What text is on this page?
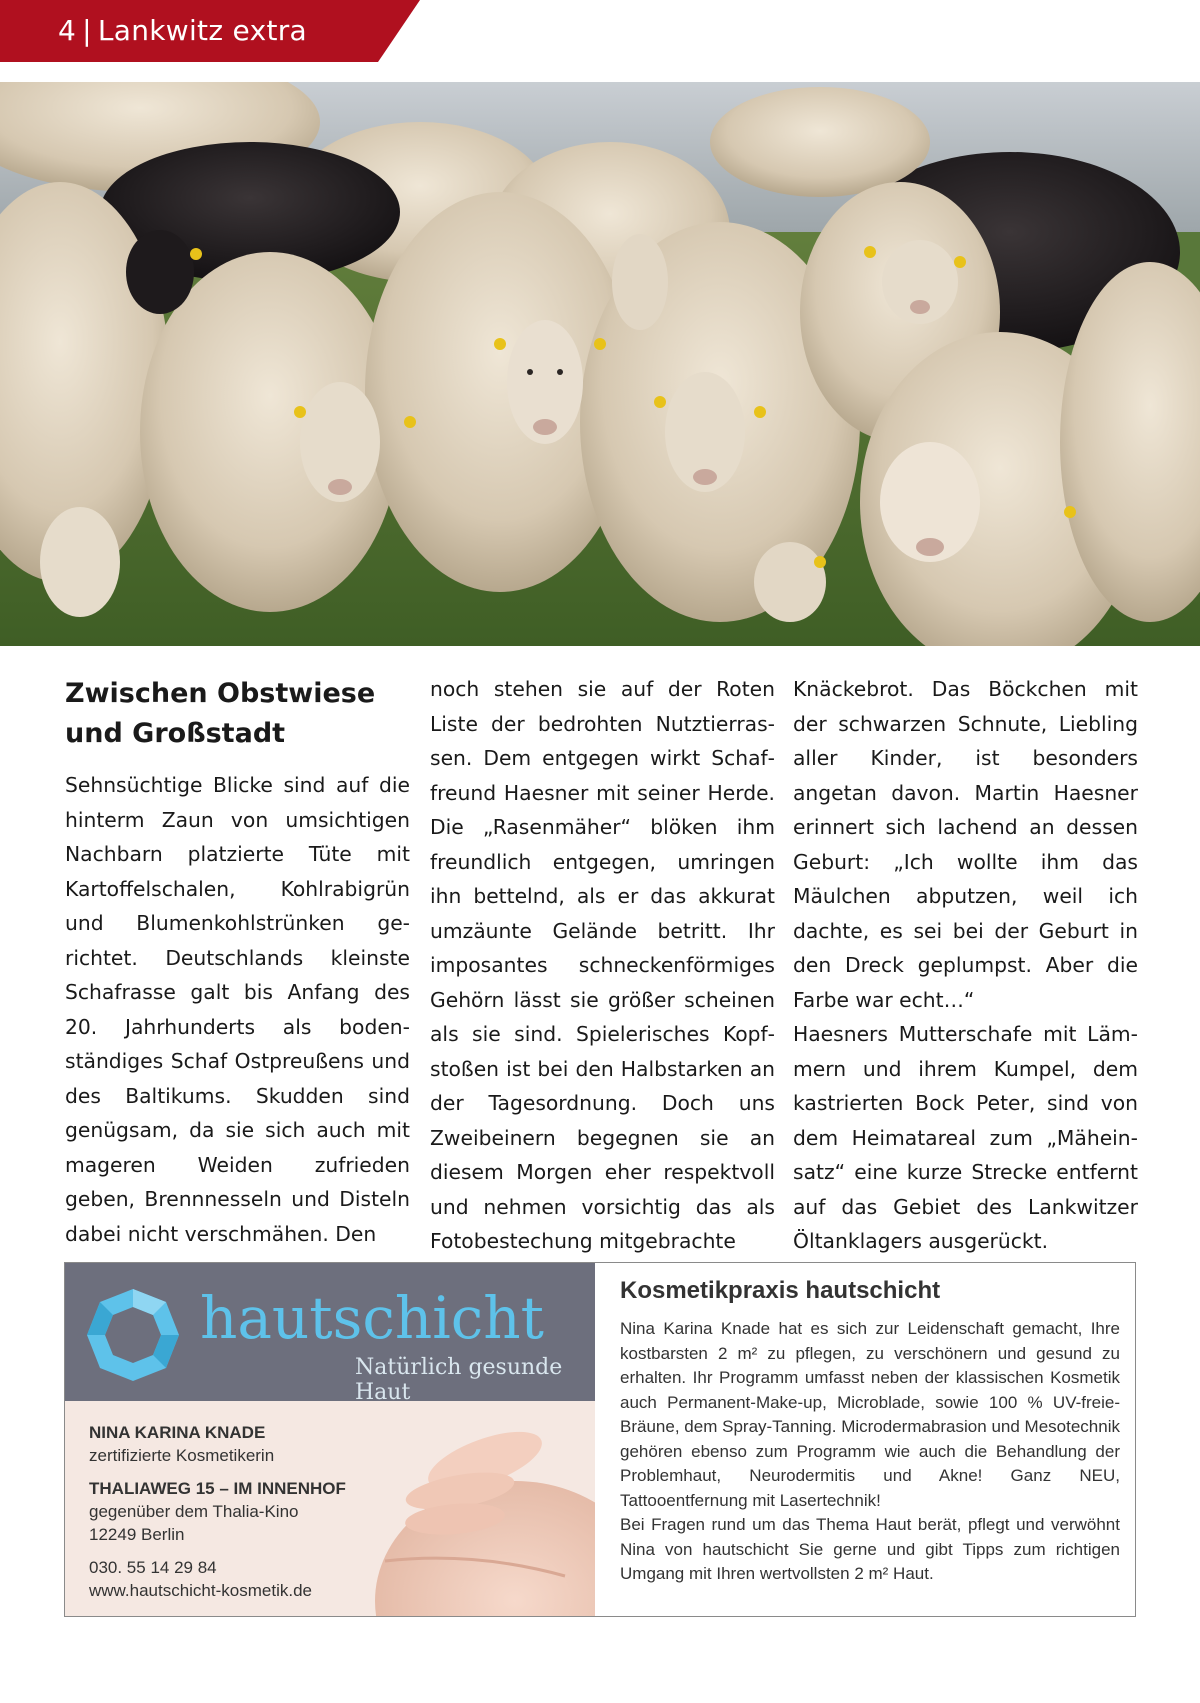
4 | Lankwitz extra
Zwischen Obstwiese
und Großstadt

Sehnsüchtige Blicke sind auf die hinterm Zaun von umsichtigen Nachbarn platzierte Tüte mit Kartoffelschalen, Kohlrabigrün und Blumenkohlstrünken gerichtet. Deutschlands kleinste Schafrasse galt bis Anfang des 20. Jahrhunderts als bodenständiges Schaf Ostpreußens und des Baltikums. Skudden sind genügsam, da sie sich auch mit mageren Weiden zufrieden geben, Brennnesseln und Disteln dabei nicht verschmähen. Den

noch stehen sie auf der Roten Liste der bedrohten Nutztierrassen. Dem entgegen wirkt Schaffreund Haesner mit seiner Herde. Die „Rasenmäher“ blöken ihm freundlich entgegen, umringen ihn bettelnd, als er das akkurat umzäunte Gelände betritt. Ihr imposantes schneckenförmiges Gehörn lässt sie größer scheinen als sie sind. Spielerisches Kopfstoßen ist bei den Halbstarken an der Tagesordnung. Doch uns Zweibeinern begegnen sie an diesem Morgen eher respektvoll und nehmen vorsichtig das als Fotobestechung mitgebrachte

Knäckebrot. Das Böckchen mit der schwarzen Schnute, Liebling aller Kinder, ist besonders angetan davon. Martin Haesner erinnert sich lachend an dessen Geburt: „Ich wollte ihm das Mäulchen abputzen, weil ich dachte, es sei bei der Geburt in den Dreck geplumpst. Aber die Farbe war echt…“

Haesners Mutterschafe mit Lämmern und ihrem Kumpel, dem kastrierten Bock Peter, sind von dem Heimatareal zum „Mäheinsatz“ eine kurze Strecke entfernt auf das Gebiet des Lankwitzer Öltanklagers ausgerückt.

hautschicht
Natürlich gesunde Haut
NINA KARINA KNADE
zertifizierte Kosmetikerin
THALIAWEG 15 – IM INNENHOF
gegenüber dem Thalia-Kino
12249 Berlin
030. 55 14 29 84
www.hautschicht-kosmetik.de
Kosmetikpraxis hautschicht

Nina Karina Knade hat es sich zur Leidenschaft gemacht, Ihre kostbarsten 2 m² zu pflegen, zu verschönern und gesund zu erhalten. Ihr Programm umfasst neben der klassischen Kosmetik auch Permanent-Make-up, Microblade, sowie 100 % UV-freie-Bräune, dem Spray-Tanning. Microdermabrasion und Mesotechnik gehören ebenso zum Programm wie auch die Behandlung der Problemhaut, Neurodermitis und Akne! Ganz NEU, Tattooentfernung mit Lasertechnik!

Bei Fragen rund um das Thema Haut berät, pflegt und verwöhnt Nina von hautschicht Sie gerne und gibt Tipps zum richtigen Umgang mit Ihren wertvollsten 2 m² Haut.
